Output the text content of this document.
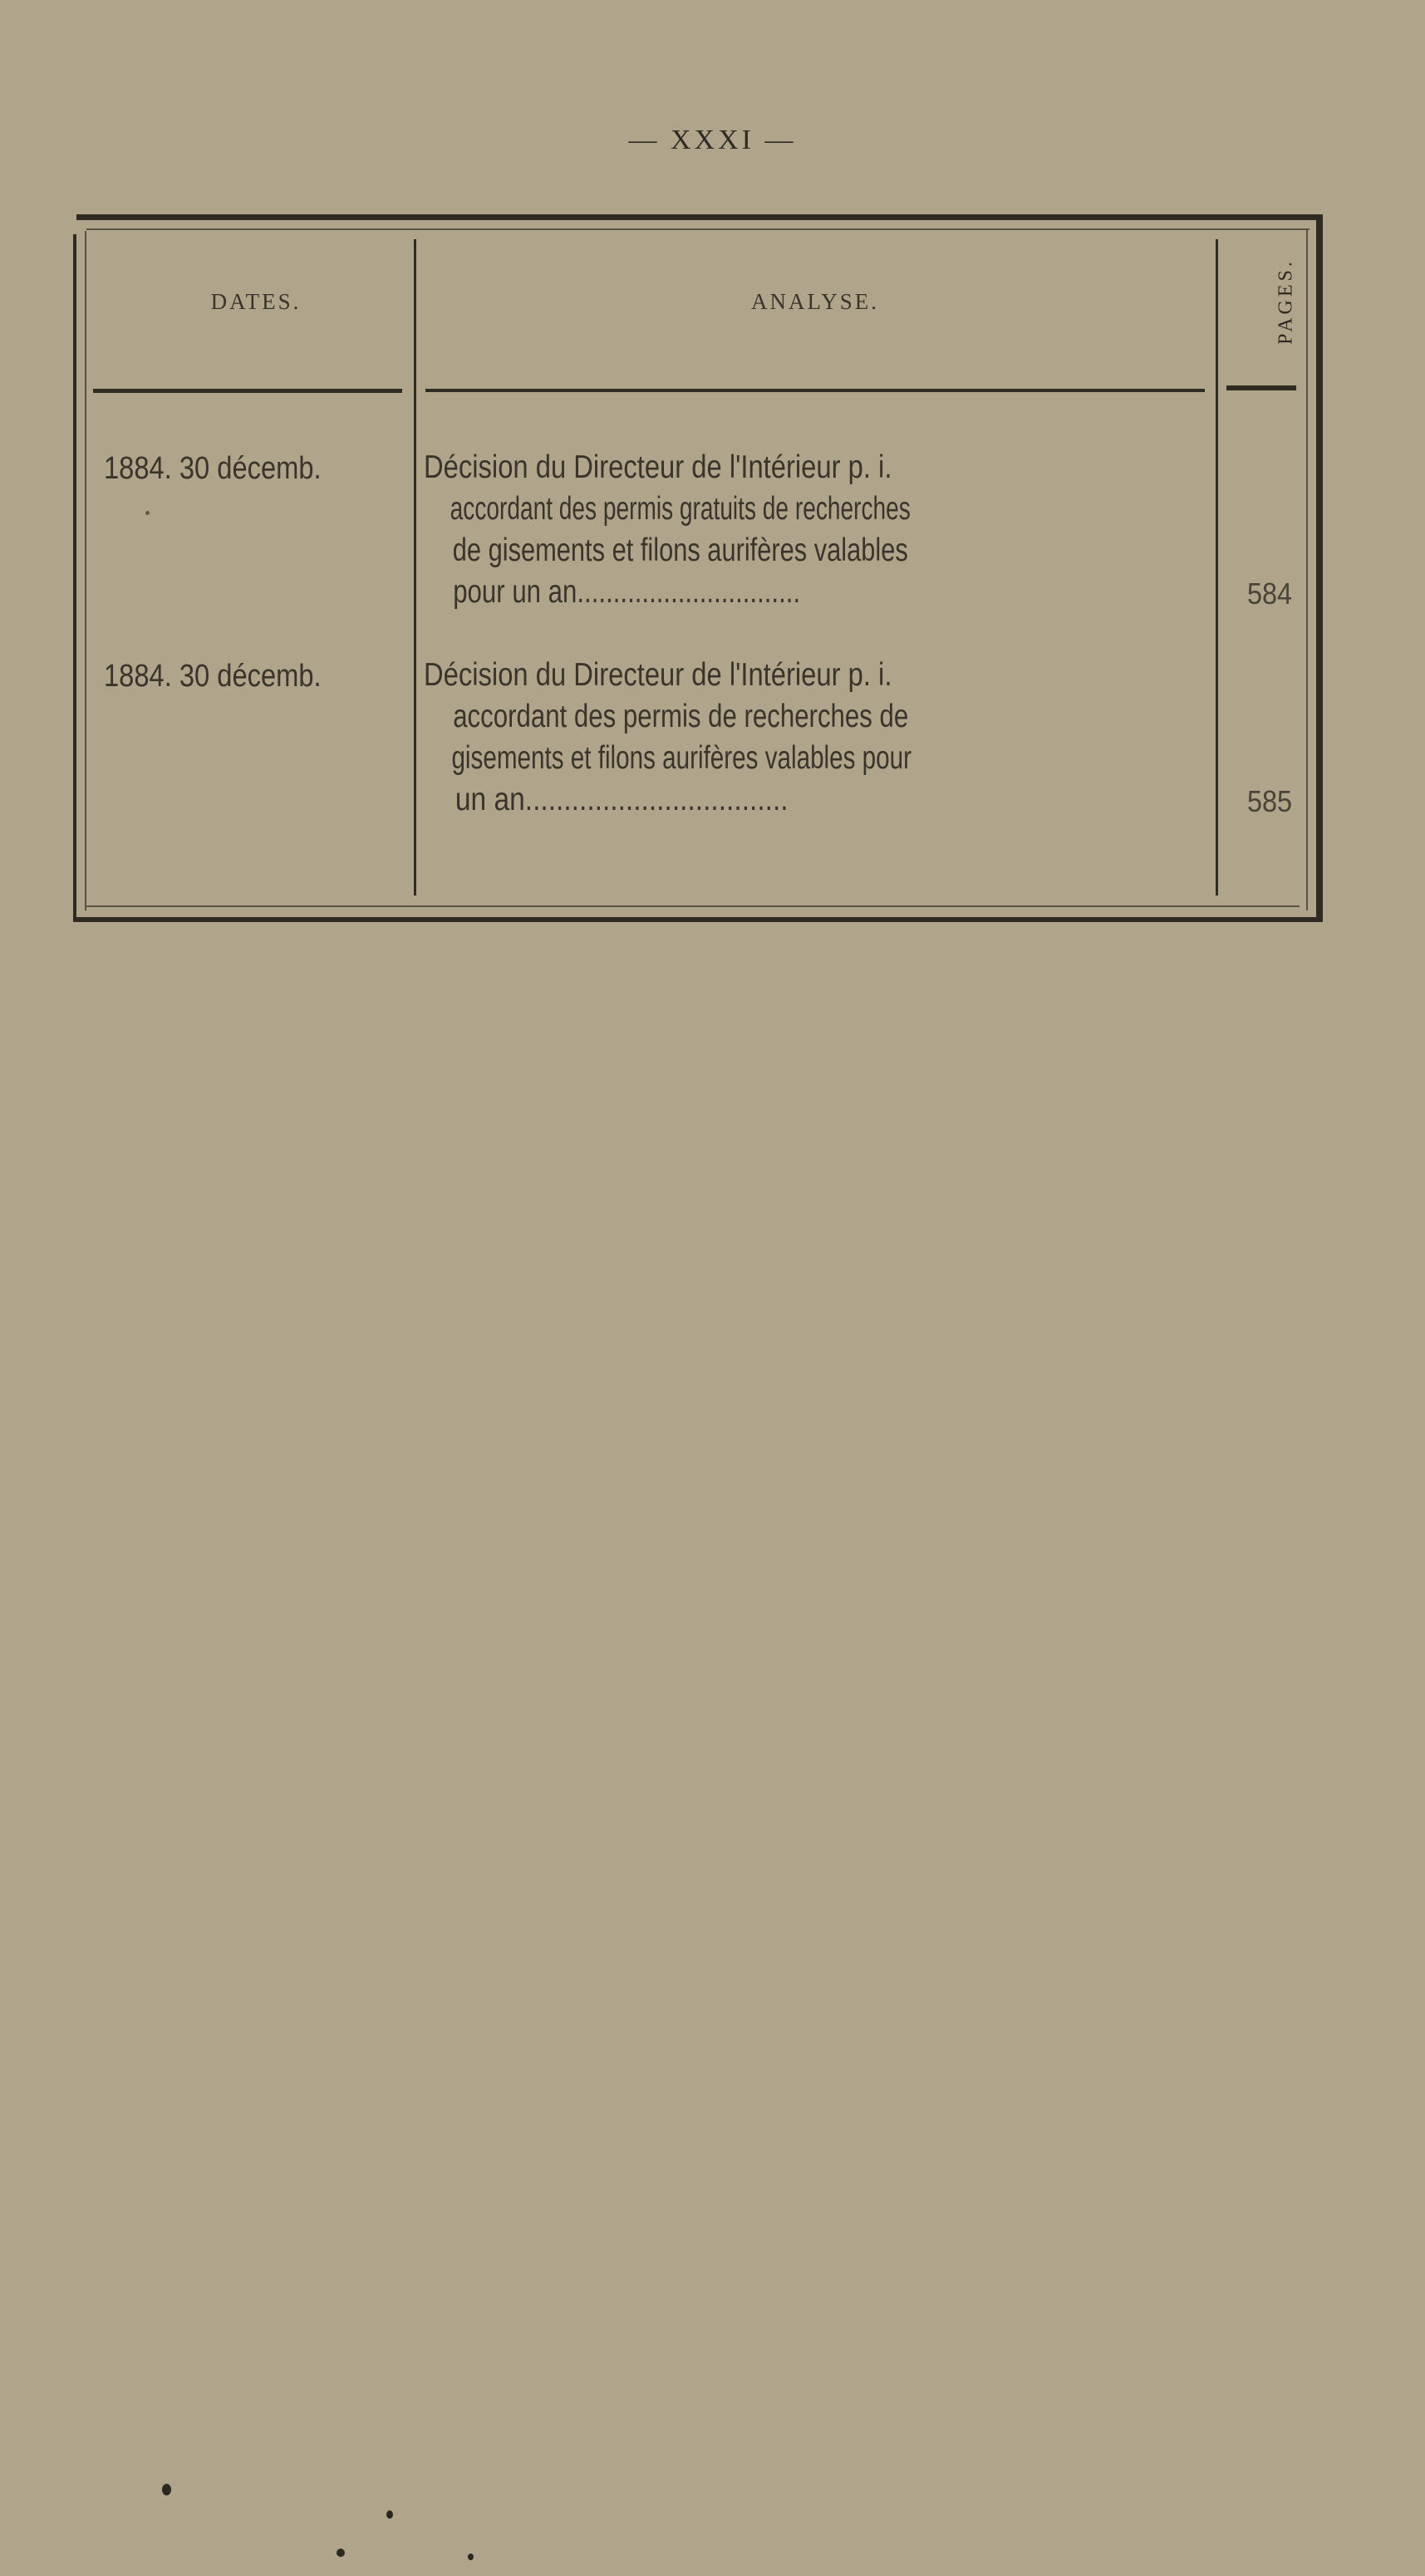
— XXXI —
DATES.	ANALYSE.	PAGES.
1884. 30 décemb.	Décision du Directeur de l'Intérieur p. i.
accordant des permis gratuits de recherches
de gisements et filons aurifères valables
pour un an...............................	584
1884. 30 décemb.	Décision du Directeur de l'Intérieur p. i.
accordant des permis de recherches de
gisements et filons aurifères valables pour
un an..................................	585
